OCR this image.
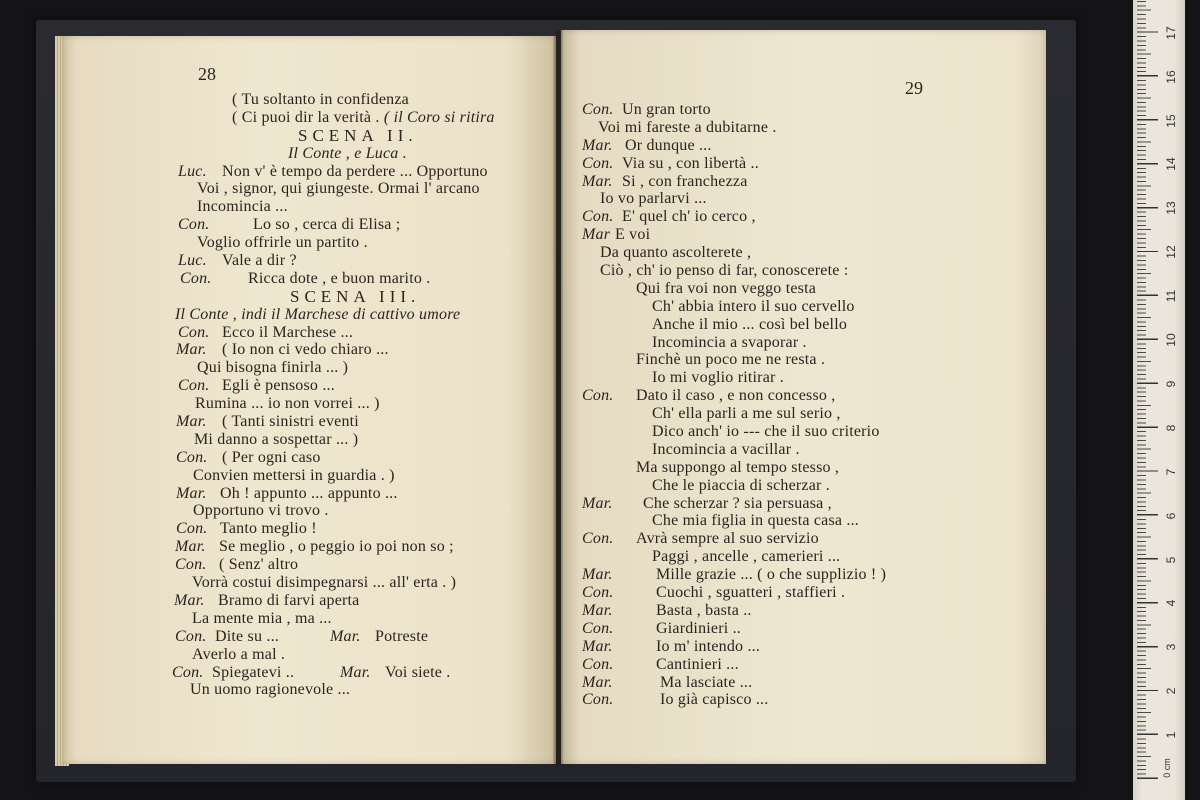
28
29
( Tu soltanto in confidenza
( Ci puoi dir la verità . ( il Coro si ritira
SCENA II.
Il Conte , e Luca .
Luc. Non v' è tempo da perdere ... Opportuno
Voi , signor, qui giungeste. Ormai l' arcano
Incomincia ...
Con.	Lo so , cerca di Elisa ;
Voglio offrirle un partito .
Luc. Vale a dir ?
Con. Ricca dote , e buon marito .
SCENA III.
Il Conte , indi il Marchese di cattivo umore
Con. Ecco il Marchese ...
Mar. ( Io non ci vedo chiaro ...
Qui bisogna finirla ... )
Con. Egli è pensoso ...
Rumina ... io non vorrei ... )
Mar. ( Tanti sinistri eventi
Mi danno a sospettar ... )
Con. ( Per ogni caso
Convien mettersi in guardia . )
Mar. Oh ! appunto ... appunto ...
Opportuno vi trovo .
Con. Tanto meglio !
Mar. Se meglio , o peggio io poi non so ;
Con. ( Senz' altro
Vorrà costui disimpegnarsi ... all' erta . )
Mar. Bramo di farvi aperta
La mente mia , ma ...
Con. Dite su ...	Mar. Potreste
Averlo a mal .
Con. Spiegatevi ..	Mar. Voi siete .
Un uomo ragionevole ...
Con. Un gran torto
Voi mi fareste a dubitarne .
Mar. Or dunque ...
Con. Via su , con libertà ..
Mar. Si , con franchezza
Io vo parlarvi ...
Con. E' quel ch' io cerco ,
Mar E voi
Da quanto ascolterete ,
Ciò , ch' io penso di far, conoscerete :
Qui fra voi non veggo testa
Ch' abbia intero il suo cervello
Anche il mio ... così bel bello
Incomincia a svaporar .
Finchè un poco me ne resta .
Io mi voglio ritirar .
Con. Dato il caso , e non concesso ,
Ch' ella parli a me sul serio ,
Dico anch' io --- che il suo criterio
Incomincia a vacillar .
Ma suppongo al tempo stesso ,
Che le piaccia di scherzar .
Mar. Che scherzar ? sia persuasa ,
Che mia figlia in questa casa ...
Con. Avrà sempre al suo servizio
Paggi , ancelle , camerieri ...
Mar.	Mille grazie ... ( o che supplizio ! )
Con.	Cuochi , sguatteri , staffieri .
Mar.	Basta , basta ..
Con.	Giardinieri ..
Mar.	Io m' intendo ...
Con.	Cantinieri ...
Mar.	Ma lasciate ...
Con.	Io già capisco ...
0 cm
1
2
3
4
5
6
7
8
9
10
11
12
13
14
15
16
17
